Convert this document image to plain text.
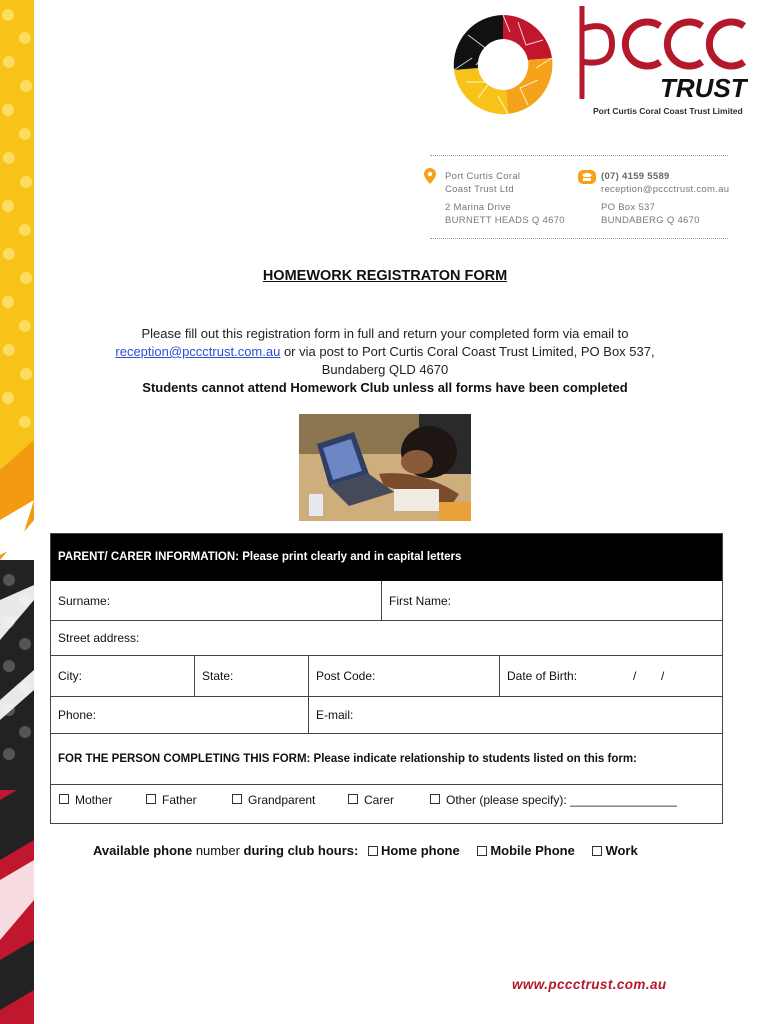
TRUST
Port Curtis Coral Coast Trust Limited
Port Curtis Coral
Coast Trust Ltd
2 Marina Drive
BURNETT HEADS Q 4670
(07) 4159 5589
reception@pccctrust.com.au
PO Box 537
BUNDABERG Q 4670
HOMEWORK REGISTRATON FORM
Please fill out this registration form in full and return your completed form via email to
reception@pccctrust.com.au or via post to Port Curtis Coral Coast Trust Limited, PO Box 537,
Bundaberg QLD 4670
Students cannot attend Homework Club unless all forms have been completed
PARENT/ CARER INFORMATION: Please print clearly and in capital letters
Surname:	First Name:
Street address:
City:	State:	Post Code:	Date of Birth:	/ /
Phone:	E-mail:
FOR THE PERSON COMPLETING THIS FORM: Please indicate relationship to students listed on this form:
Mother	Father	Grandparent	Carer	Other (please specify): ________________
Available phone number during club hours: Home phone Mobile Phone Work
www.pccctrust.com.au
